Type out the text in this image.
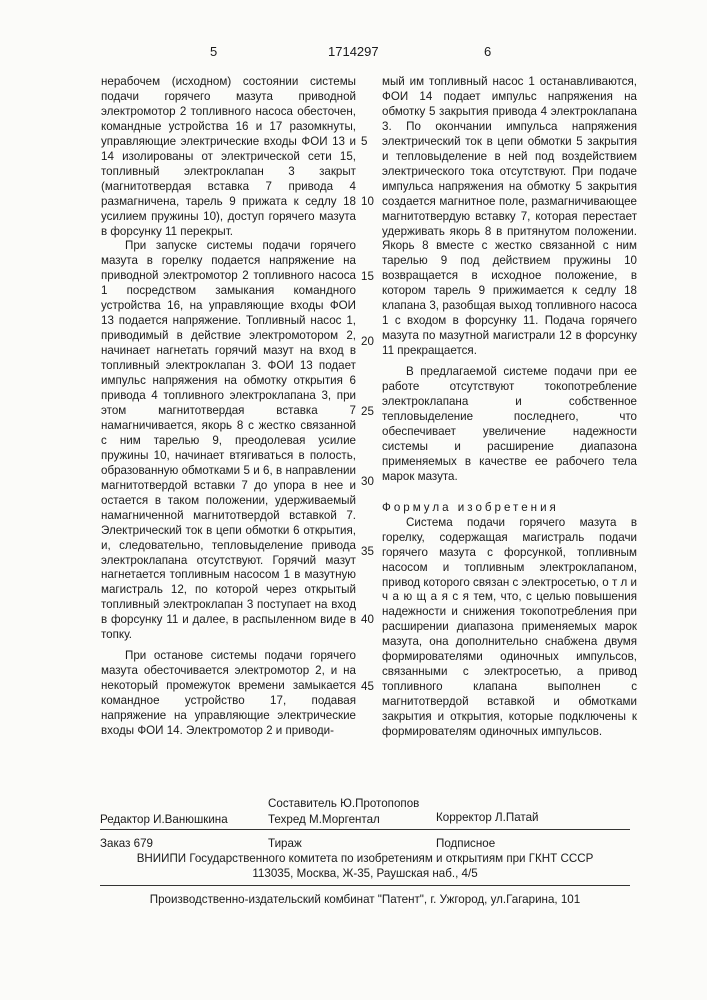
5	1714297	6

нерабочем (исходном) состоянии системы подачи горячего мазута приводной электромотор 2 топливного насоса обесточен, командные устройства 16 и 17 разомкнуты, управляющие электрические входы ФОИ 13 и 14 изолированы от электрической сети 15, топливный электроклапан 3 закрыт (магнитотвердая вставка 7 привода 4 размагничена, тарель 9 прижата к седлу 18 усилием пружины 10), доступ горячего мазута в форсунку 11 перекрыт.

При запуске системы подачи горячего мазута в горелку подается напряжение на приводной электромотор 2 топливного насоса 1 посредством замыкания командного устройства 16, на управляющие входы ФОИ 13 подается напряжение. Топливный насос 1, приводимый в действие электромотором 2, начинает нагнетать горячий мазут на вход в топливный электроклапан 3. ФОИ 13 подает импульс напряжения на обмотку открытия 6 привода 4 топливного электроклапана 3, при этом магнитотвердая вставка 7 намагничивается, якорь 8 с жестко связанной с ним тарелью 9, преодолевая усилие пружины 10, начинает втягиваться в полость, образованную обмотками 5 и 6, в направлении магнитотвердой вставки 7 до упора в нее и остается в таком положении, удерживаемый намагниченной магнитотвердой вставкой 7. Электрический ток в цепи обмотки 6 открытия, и, следовательно, тепловыделение привода электроклапана отсутствуют. Горячий мазут нагнетается топливным насосом 1 в мазутную магистраль 12, по которой через открытый топливный электроклапан 3 поступает на вход в форсунку 11 и далее, в распыленном виде в топку.

При останове системы подачи горячего мазута обесточивается электромотор 2, и на некоторый промежуток времени замыкается командное устройство 17, подавая напряжение на управляющие электрические входы ФОИ 14. Электромотор 2 и приводи-

мый им топливный насос 1 останавливаются, ФОИ 14 подает импульс напряжения на обмотку 5 закрытия привода 4 электроклапана 3. По окончании импульса напряжения электрический ток в цепи обмотки 5 закрытия и тепловыделение в ней под воздействием электрического тока отсутствуют. При подаче импульса напряжения на обмотку 5 закрытия создается магнитное поле, размагничивающее магнитотвердую вставку 7, которая перестает удерживать якорь 8 в притянутом положении. Якорь 8 вместе с жестко связанной с ним тарелью 9 под действием пружины 10 возвращается в исходное положение, в котором тарель 9 прижимается к седлу 18 клапана 3, разобщая выход топливного насоса 1 с входом в форсунку 11. Подача горячего мазута по мазутной магистрали 12 в форсунку 11 прекращается.

В предлагаемой системе подачи при ее работе отсутствуют токопотребление электроклапана и собственное тепловыделение последнего, что обеспечивает увеличение надежности системы и расширение диапазона применяемых в качестве ее рабочего тела марок мазута.

Формула изобретения

Система подачи горячего мазута в горелку, содержащая магистраль подачи горячего мазута с форсункой, топливным насосом и топливным электроклапаном, привод которого связан с электросетью, о т л и ч а ю щ а я с я тем, что, с целью повышения надежности и снижения токопотребления при расширении диапазона применяемых марок мазута, она дополнительно снабжена двумя формирователями одиночных импульсов, связанными с электросетью, а привод топливного клапана выполнен с магнитотвердой вставкой и обмотками закрытия и открытия, которые подключены к формирователям одиночных импульсов.

5
10
15
20
25
30
35
40
45
Составитель Ю.Протопопов
Редактор И.Ванюшкина	Техред М.Моргентал	Корректор Л.Патай
Заказ 679	Тираж	Подписное
ВНИИПИ Государственного комитета по изобретениям и открытиям при ГКНТ СССР
113035, Москва, Ж-35, Раушская наб., 4/5
Производственно-издательский комбинат "Патент", г. Ужгород, ул.Гагарина, 101
